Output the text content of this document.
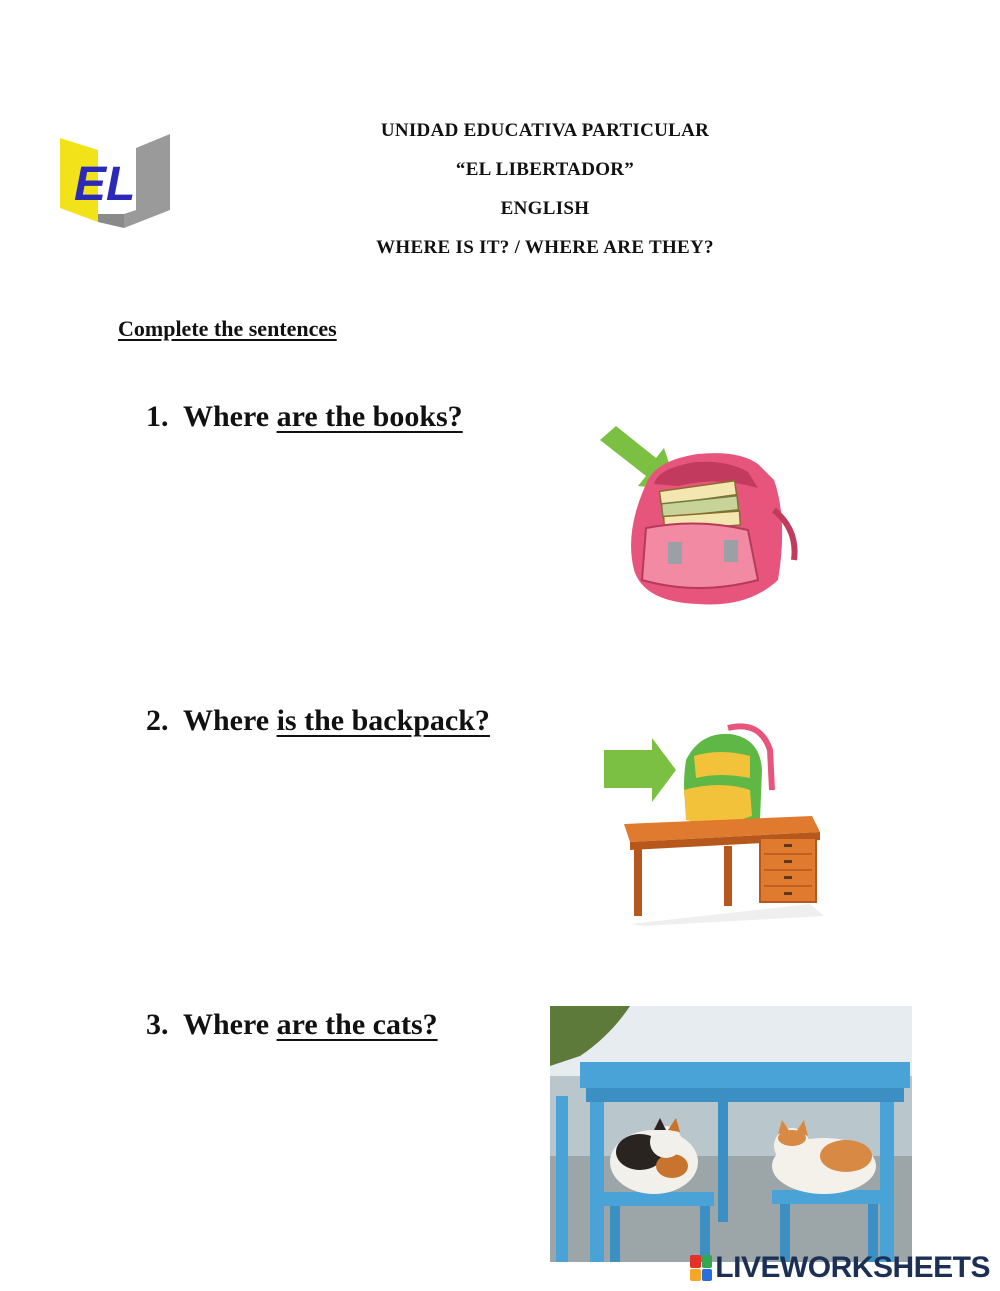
EL
UNIDAD EDUCATIVA PARTICULAR
“EL LIBERTADOR”
ENGLISH
WHERE IS IT? / WHERE ARE THEY?
Complete the sentences
1. Where are the books?
2. Where is the backpack?
3. Where are the cats?
LIVEWORKSHEETS
